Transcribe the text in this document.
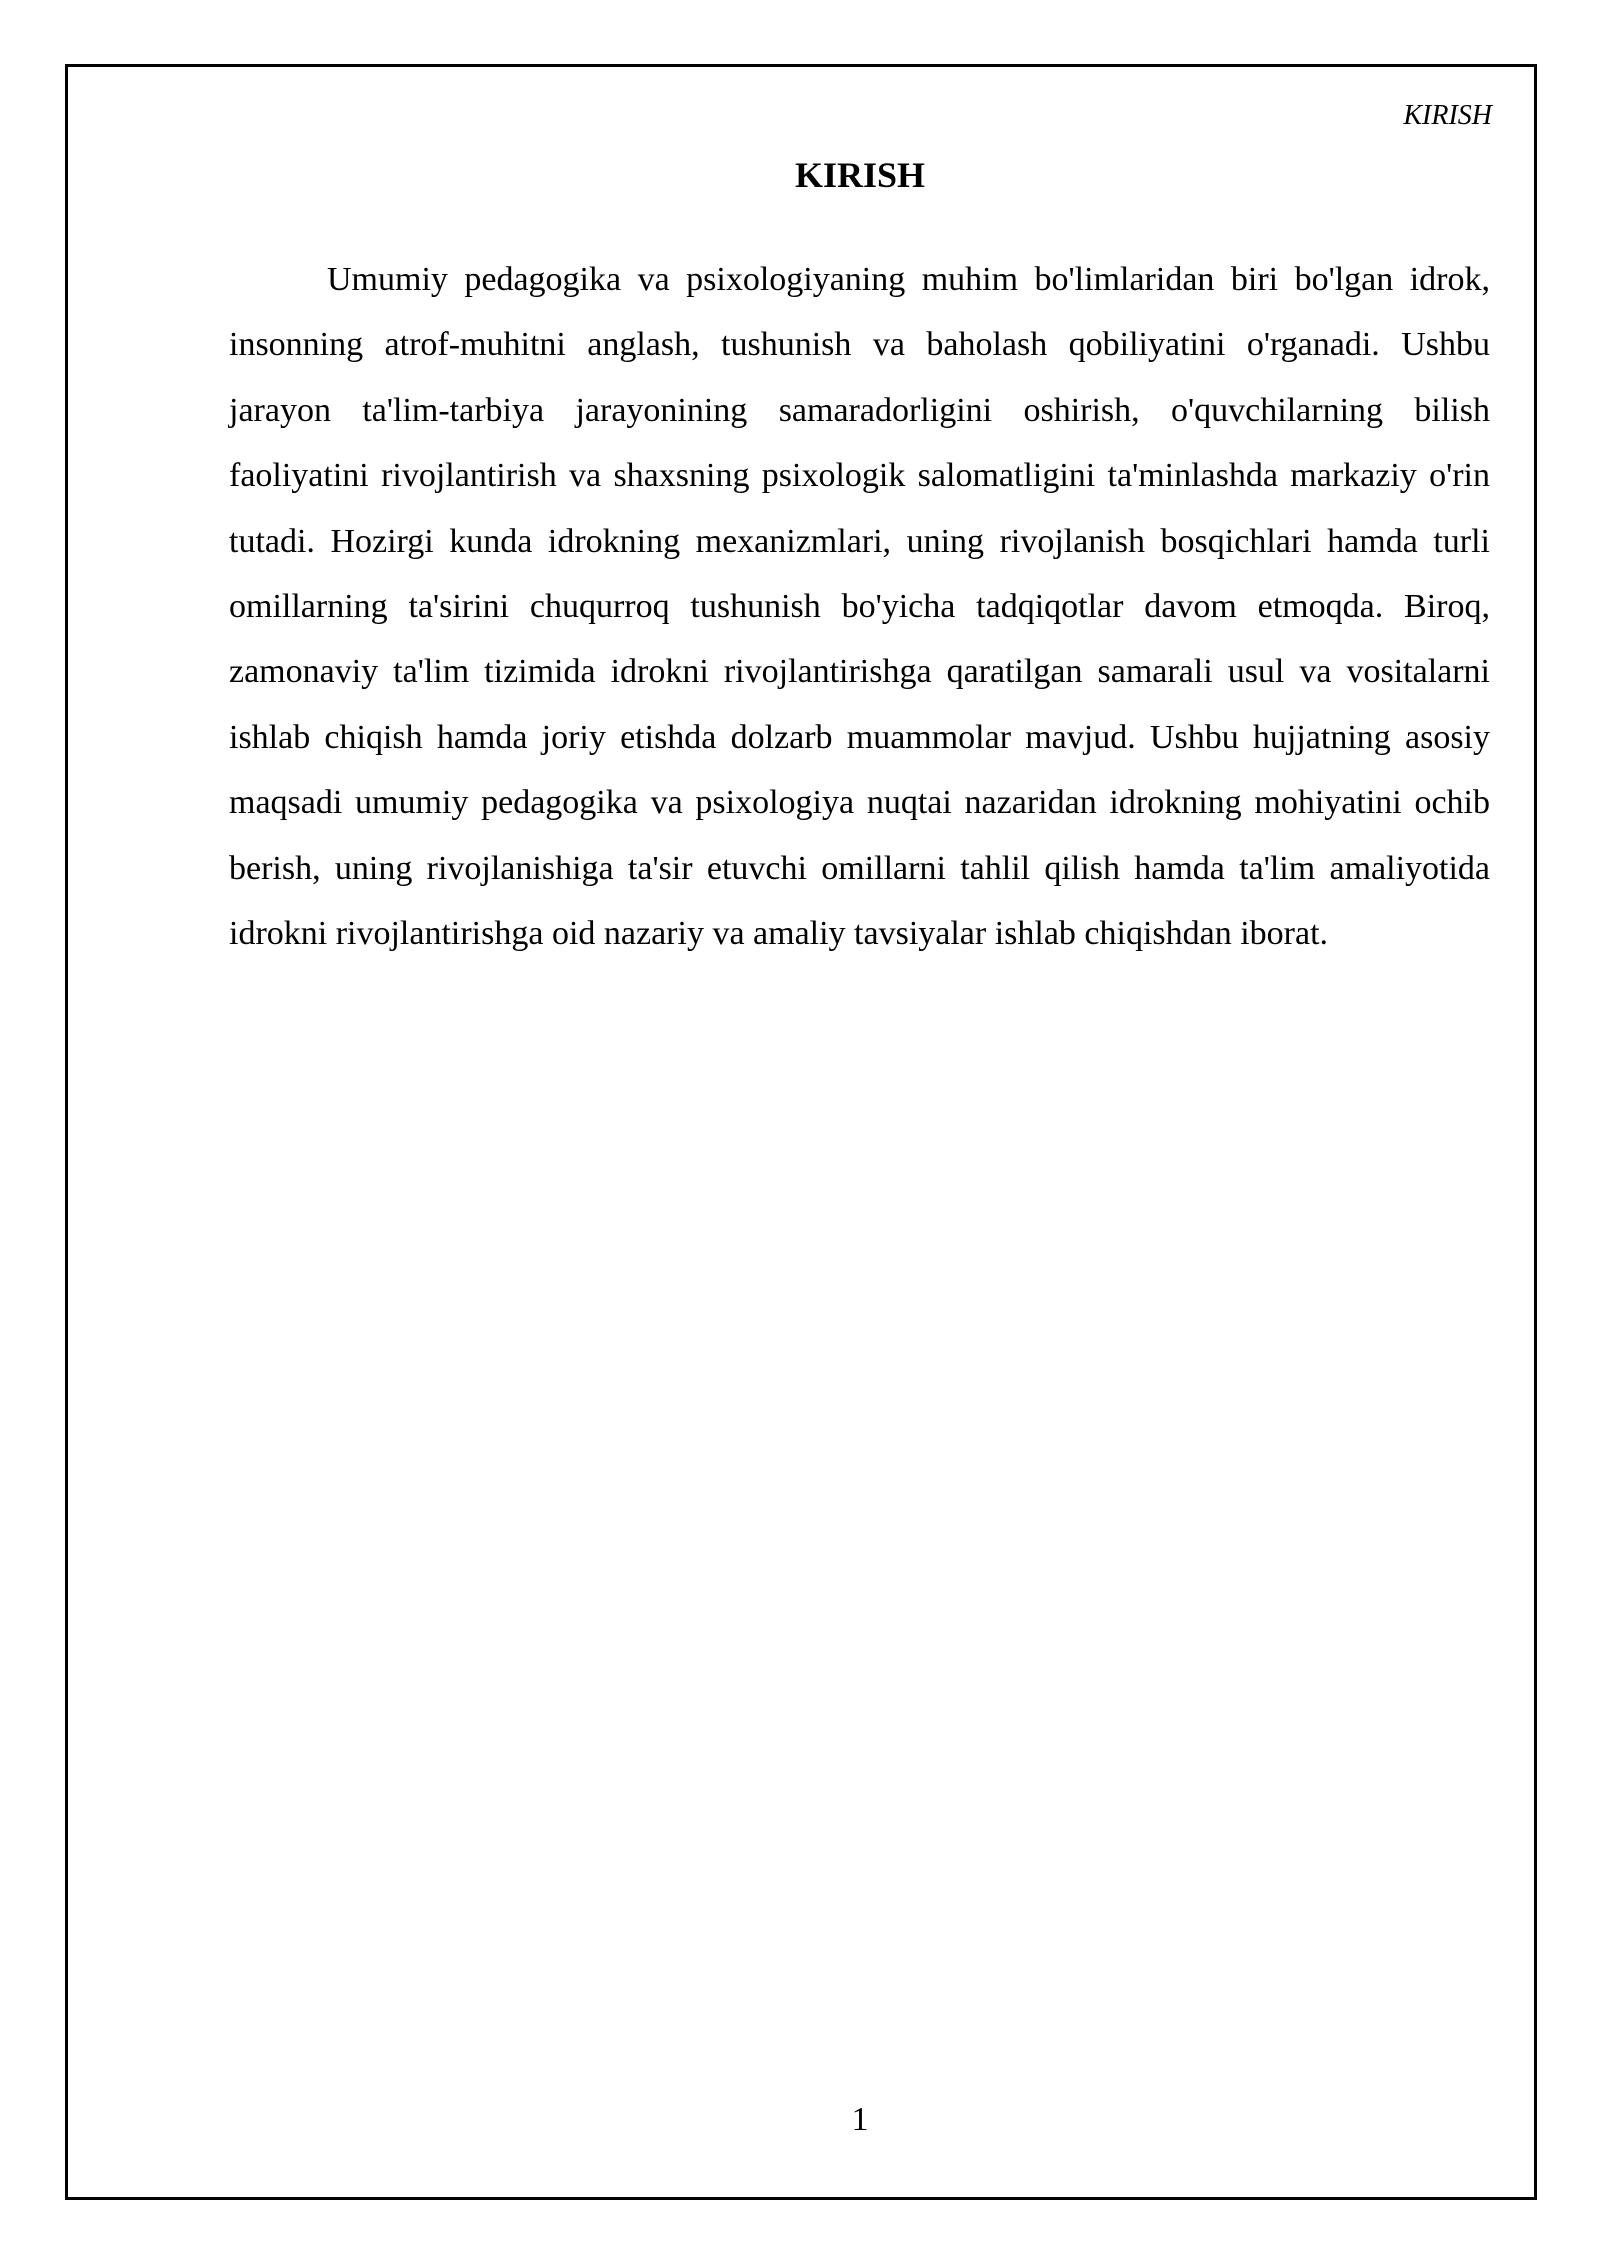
KIRISH
KIRISH

Umumiy pedagogika va psixologiyaning muhim bo'limlaridan biri bo'lgan idrok, insonning atrof-muhitni anglash, tushunish va baholash qobiliyatini o'rganadi. Ushbu jarayon ta'lim-tarbiya jarayonining samaradorligini oshirish, o'quvchilarning bilish faoliyatini rivojlantirish va shaxsning psixologik salomatligini ta'minlashda markaziy o'rin tutadi. Hozirgi kunda idrokning mexanizmlari, uning rivojlanish bosqichlari hamda turli omillarning ta'sirini chuqurroq tushunish bo'yicha tadqiqotlar davom etmoqda. Biroq, zamonaviy ta'lim tizimida idrokni rivojlantirishga qaratilgan samarali usul va vositalarni ishlab chiqish hamda joriy etishda dolzarb muammolar mavjud. Ushbu hujjatning asosiy maqsadi umumiy pedagogika va psixologiya nuqtai nazaridan idrokning mohiyatini ochib berish, uning rivojlanishiga ta'sir etuvchi omillarni tahlil qilish hamda ta'lim amaliyotida idrokni rivojlantirishga oid nazariy va amaliy tavsiyalar ishlab chiqishdan iborat.

1
